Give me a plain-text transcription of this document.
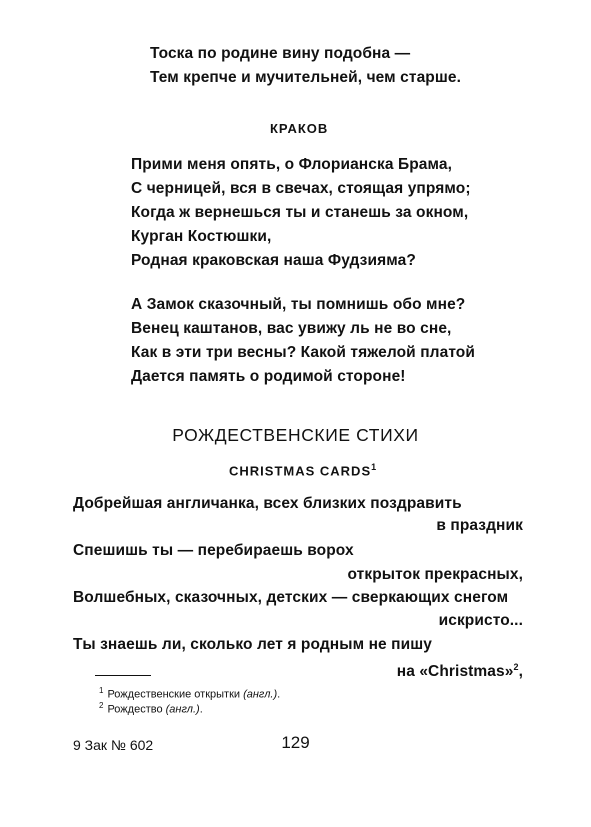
Тоска по родине вину подобна —
Тем крепче и мучительней, чем старше.
КРАКОВ
Прими меня опять, о Флорианска Брама,
С черницей, вся в свечах, стоящая упрямо;
Когда ж вернешься ты и станешь за окном,
Курган Костюшки,
Родная краковская наша Фудзияма?
А Замок сказочный, ты помнишь обо мне?
Венец каштанов, вас увижу ль не во сне,
Как в эти три весны? Какой тяжелой платой
Дается память о родимой стороне!
РОЖДЕСТВЕНСКИЕ СТИХИ
CHRISTMAS CARDS$^1$
Добрейшая англичанка, всех близких поздравить
в праздник
Спешишь ты — перебираешь ворох
открыток прекрасных,
Волшебных, сказочных, детских — сверкающих снегом
искристо...
Ты знаешь ли, сколько лет я родным не пишу
на «Christmas»$^2$,
$^1$ Рождественские открытки (англ.).
$^2$ Рождество (англ.).
9 Зак № 602	129
